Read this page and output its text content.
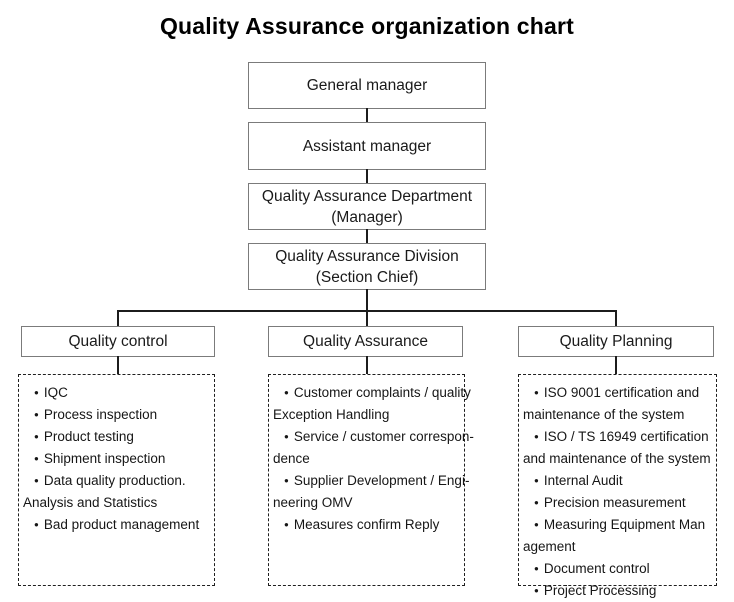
Quality Assurance organization chart
General manager
Assistant manager
Quality Assurance Department
(Manager)
Quality Assurance Division
(Section Chief)
Quality control	Quality Assurance	Quality Planning
● IQC
● Process inspection
● Product testing
● Shipment inspection
● Data quality production.
Analysis and Statistics
● Bad product management
● Customer complaints / quality
Exception Handling
● Service / customer correspon-
dence
● Supplier Development / Engi-
neering OMV
● Measures confirm Reply
● ISO 9001 certification and
maintenance of the system
● ISO / TS 16949 certification
and maintenance of the system
● Internal Audit
● Precision measurement
● Measuring Equipment Man
agement
● Document control
● Project Processing
